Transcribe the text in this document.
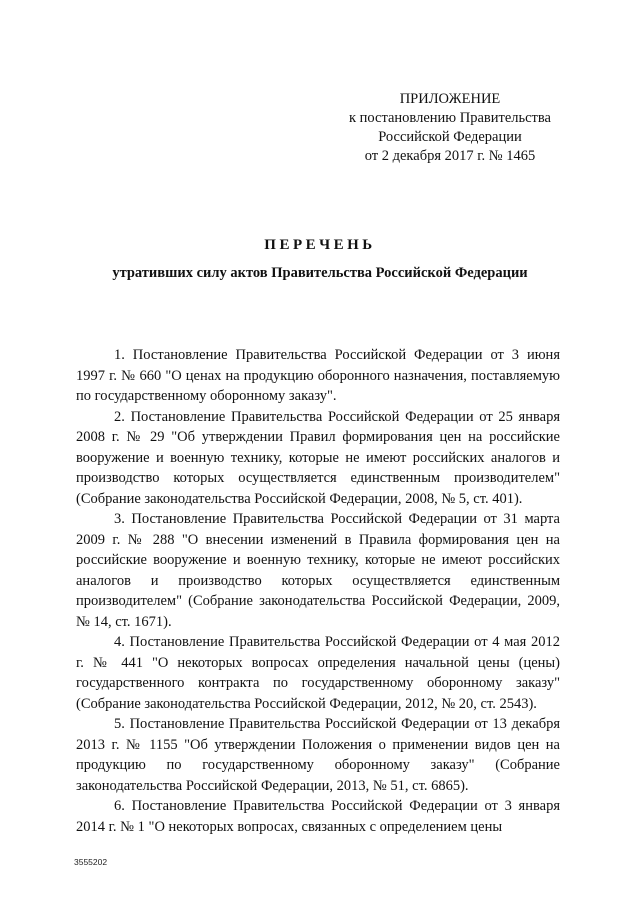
ПРИЛОЖЕНИЕ
к постановлению Правительства
Российской Федерации
от 2 декабря 2017 г. № 1465
ПЕРЕЧЕНЬ
утративших силу актов Правительства Российской Федерации

1. Постановление Правительства Российской Федерации от 3 июня 1997 г. № 660 "О ценах на продукцию оборонного назначения, поставляемую по государственному оборонному заказу".

2. Постановление Правительства Российской Федерации от 25 января 2008 г. № 29 "Об утверждении Правил формирования цен на российские вооружение и военную технику, которые не имеют российских аналогов и производство которых осуществляется единственным производителем" (Собрание законодательства Российской Федерации, 2008, № 5, ст. 401).

3. Постановление Правительства Российской Федерации от 31 марта 2009 г. № 288 "О внесении изменений в Правила формирования цен на российские вооружение и военную технику, которые не имеют российских аналогов и производство которых осуществляется единственным производителем" (Собрание законодательства Российской Федерации, 2009, № 14, ст. 1671).

4. Постановление Правительства Российской Федерации от 4 мая 2012 г. № 441 "О некоторых вопросах определения начальной цены (цены) государственного контракта по государственному оборонному заказу" (Собрание законодательства Российской Федерации, 2012, № 20, ст. 2543).

5. Постановление Правительства Российской Федерации от 13 декабря 2013 г. № 1155 "Об утверждении Положения о применении видов цен на продукцию по государственному оборонному заказу" (Собрание законодательства Российской Федерации, 2013, № 51, ст. 6865).

6. Постановление Правительства Российской Федерации от 3 января 2014 г. № 1 "О некоторых вопросах, связанных с определением цены

3555202
